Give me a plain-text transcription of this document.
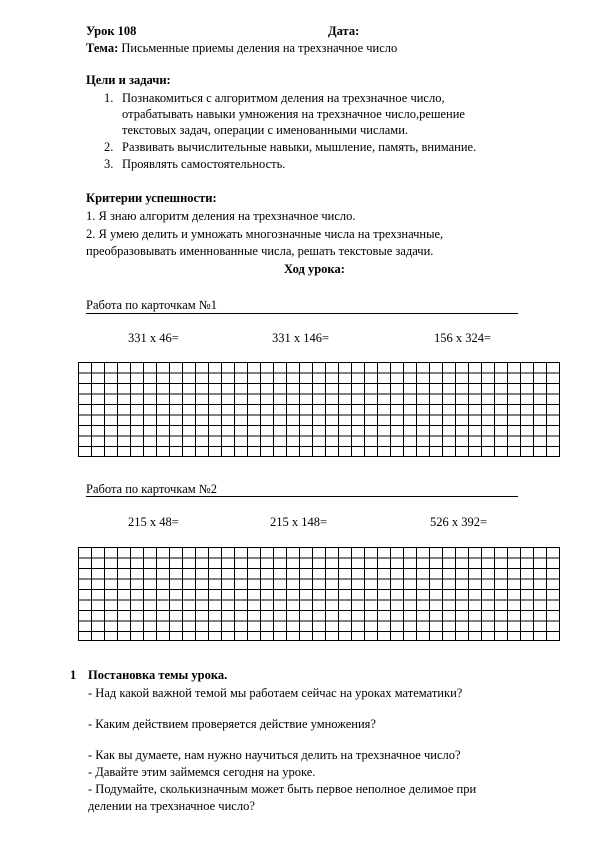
Урок 108	Дата:
Тема: Письменные приемы деления на трехзначное число
Цели и задачи:
1. Познакомиться с алгоритмом деления на трехзначное число,
отрабатывать навыки умножения на трехзначное число,решение
текстовых задач, операции с именованными числами.
2. Развивать вычислительные навыки, мышление, память, внимание.
3. Проявлять самостоятельность.
Критерии успешности:
1. Я знаю алгоритм деления на трехзначное число.
2. Я умею делить и умножать многозначные числа на трехзначные,
преобразовывать именнованные числа, решать текстовые задачи.
Ход урока:
Работа по карточкам №1
331 х 46=	331 х 146=	156 х 324=
Работа по карточкам №2
215 х 48=	215 х 148=	526 х 392=
1 Постановка темы урока.
- Над какой важной темой мы работаем сейчас на уроках математики?
- Каким действием проверяется действие умножения?
- Как вы думаете, нам нужно научиться делить на трехзначное число?
- Давайте этим займемся сегодня на уроке.
- Подумайте, сколькизначным может быть первое неполное делимое при
делении на трехзначное число?
